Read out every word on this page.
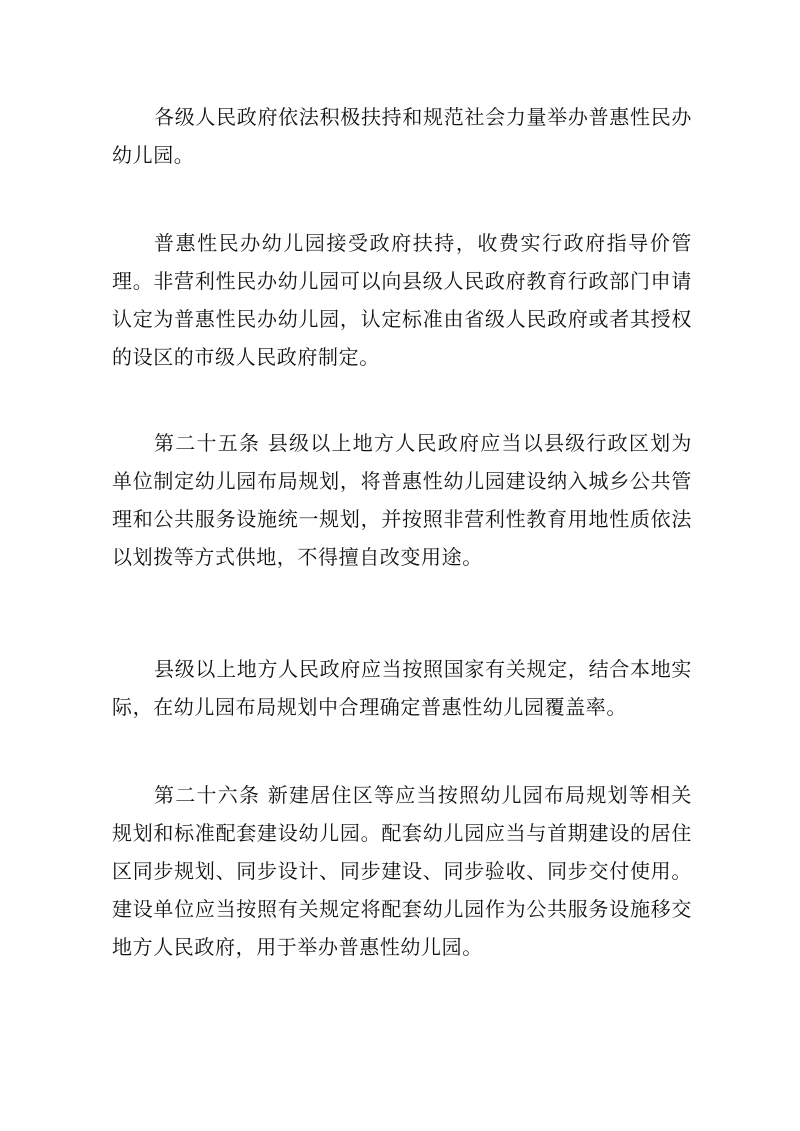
各级人民政府依法积极扶持和规范社会力量举办普惠性民办幼儿园。

普惠性民办幼儿园接受政府扶持，收费实行政府指导价管理。非营利性民办幼儿园可以向县级人民政府教育行政部门申请认定为普惠性民办幼儿园，认定标准由省级人民政府或者其授权的设区的市级人民政府制定。

第二十五条 县级以上地方人民政府应当以县级行政区划为单位制定幼儿园布局规划，将普惠性幼儿园建设纳入城乡公共管理和公共服务设施统一规划，并按照非营利性教育用地性质依法以划拨等方式供地，不得擅自改变用途。

县级以上地方人民政府应当按照国家有关规定，结合本地实际，在幼儿园布局规划中合理确定普惠性幼儿园覆盖率。

第二十六条 新建居住区等应当按照幼儿园布局规划等相关规划和标准配套建设幼儿园。配套幼儿园应当与首期建设的居住区同步规划、同步设计、同步建设、同步验收、同步交付使用。建设单位应当按照有关规定将配套幼儿园作为公共服务设施移交地方人民政府，用于举办普惠性幼儿园。
